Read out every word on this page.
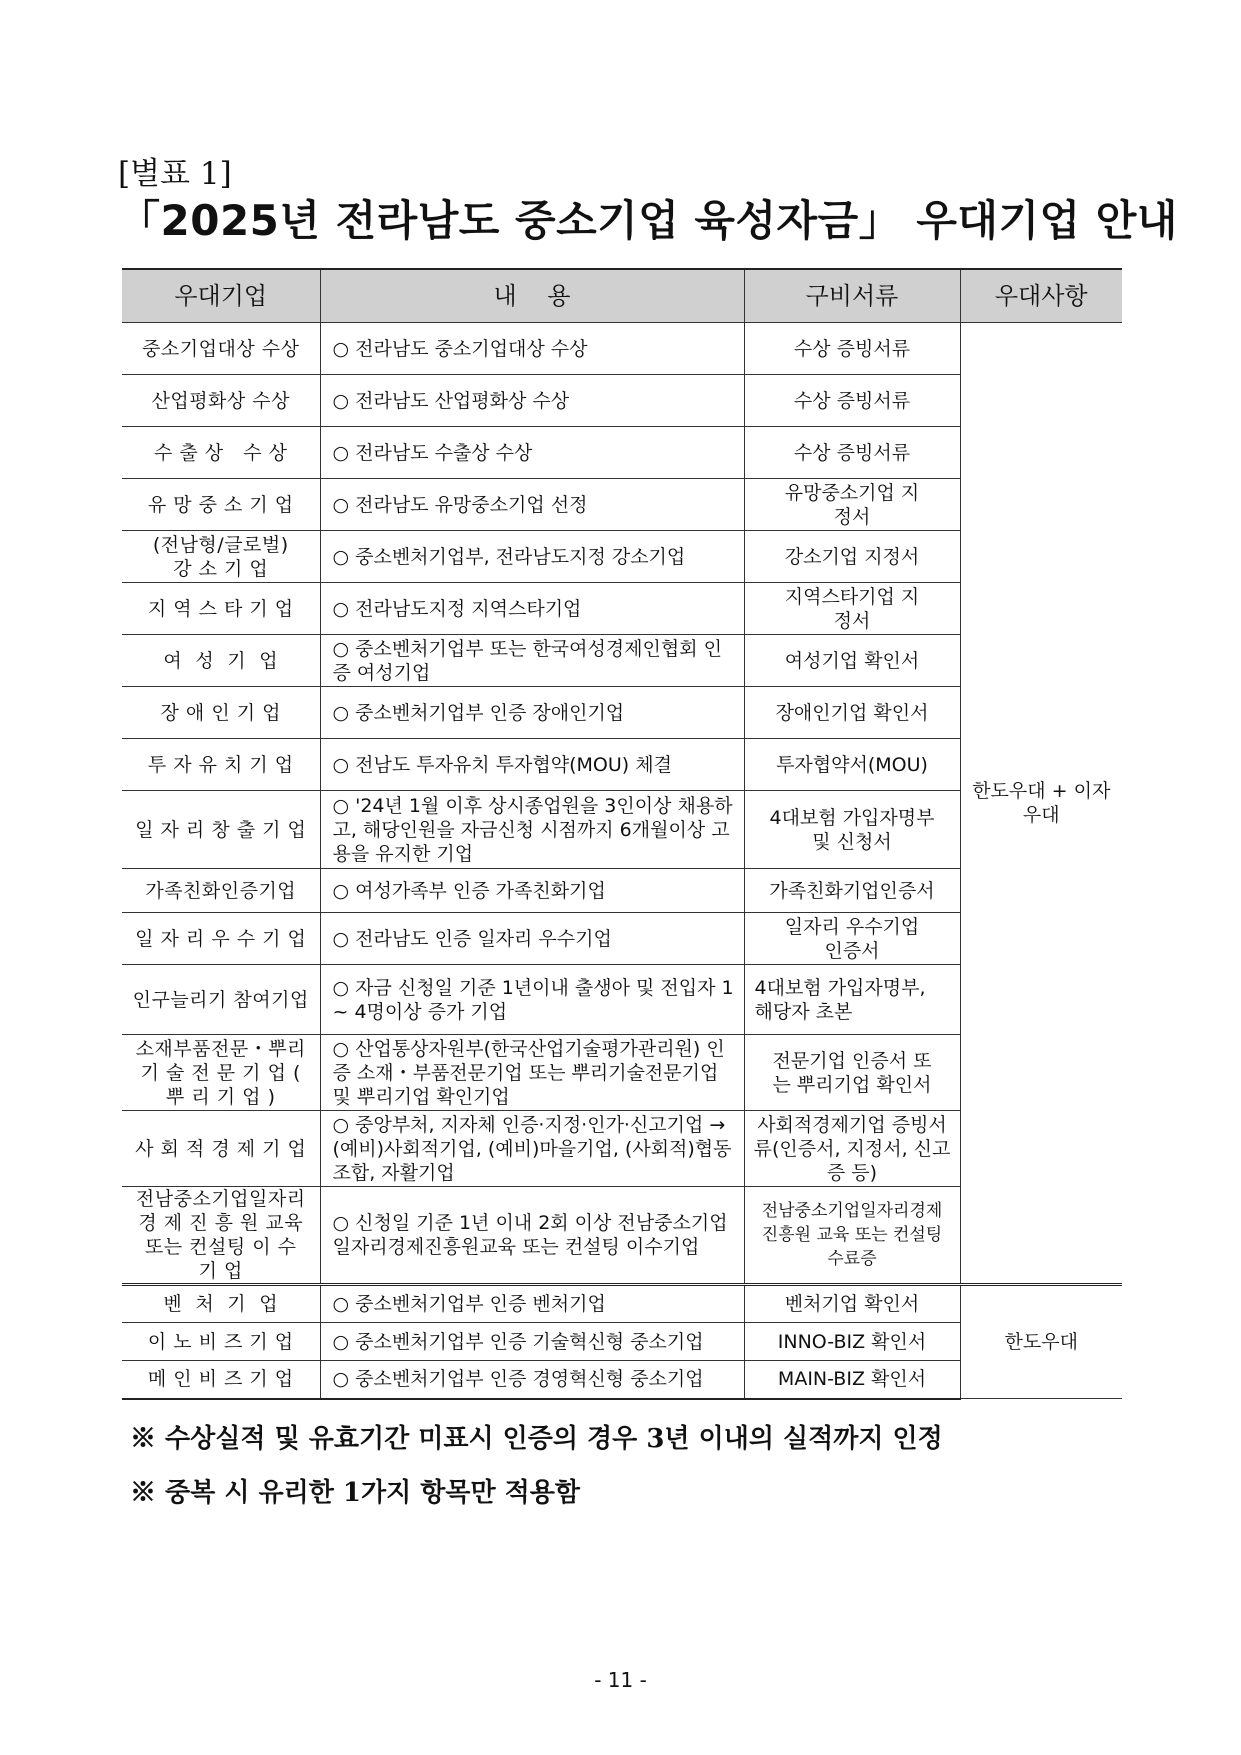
[별표 1]
「2025년 전라남도 중소기업 육성자금」 우대기업 안내
우대기업	내    용	구비서류	우대사항
중소기업대상 수상	○ 전라남도 중소기업대상 수상	수상 증빙서류	한도우대 + 이자우대
산업평화상 수상	○ 전라남도 산업평화상 수상	수상 증빙서류	
수 출 상   수 상	○ 전라남도 수출상 수상	수상 증빙서류	
유 망 중 소 기 업	○ 전라남도 유망중소기업 선정	유망중소기업 지정서	
(전남형/글로벌) 강 소 기 업	○ 중소벤처기업부, 전라남도지정 강소기업	강소기업 지정서	
지 역 스 타 기 업	○ 전라남도지정 지역스타기업	지역스타기업 지정서	
여  성  기  업	○ 중소벤처기업부 또는 한국여성경제인협회 인증 여성기업	여성기업 확인서	
장 애 인 기 업	○ 중소벤처기업부 인증 장애인기업	장애인기업 확인서	
투 자 유 치 기 업	○ 전남도 투자유치 투자협약(MOU) 체결	투자협약서(MOU)	
일 자 리 창 출 기 업	○ '24년 1월 이후 상시종업원을 3인이상 채용하고, 해당인원을 자금신청 시점까지 6개월이상 고용을 유지한 기업	4대보험 가입자명부 및 신청서	
가족친화인증기업	○ 여성가족부 인증 가족친화기업	가족친화기업인증서	
일 자 리 우 수 기 업	○ 전라남도 인증 일자리 우수기업	일자리 우수기업 인증서	
인구늘리기 참여기업	○ 자금 신청일 기준 1년이내 출생아 및 전입자 1 ~ 4명이상 증가 기업	4대보험 가입자명부, 해당자 초본	
소재부품전문・뿌리 기 술 전 문 기 업 ( 뿌 리 기 업 )	○ 산업통상자원부(한국산업기술평가관리원) 인증 소재・부품전문기업 또는 뿌리기술전문기업 및 뿌리기업 확인기업	전문기업 인증서 또는 뿌리기업 확인서	
사 회 적 경 제 기 업	○ 중앙부처, 지자체 인증·지정·인가·신고기업 → (예비)사회적기업, (예비)마을기업, (사회적)협동조합, 자활기업	사회적경제기업 증빙서류(인증서, 지정서, 신고증 등)	
전남중소기업일자리 경 제 진 흥 원 교육 또는 컨설팅 이 수 기 업	○ 신청일 기준 1년 이내 2회 이상 전남중소기업일자리경제진흥원교육 또는 컨설팅 이수기업	전남중소기업일자리경제진흥원 교육 또는 컨설팅 수료증	
벤  처  기  업	○ 중소벤처기업부 인증 벤처기업	벤처기업 확인서	한도우대
이 노 비 즈 기 업	○ 중소벤처기업부 인증 기술혁신형 중소기업	INNO-BIZ 확인서	
메 인 비 즈 기 업	○ 중소벤처기업부 인증 경영혁신형 중소기업	MAIN-BIZ 확인서	
※ 수상실적 및 유효기간 미표시 인증의 경우 3년 이내의 실적까지 인정
※ 중복 시 유리한 1가지 항목만 적용함
- 11 -
